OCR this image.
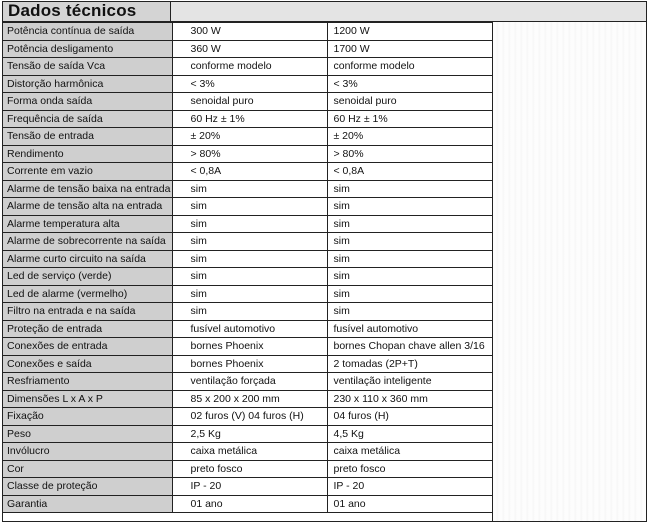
Dados técnicos
Potência contínua de saída	300 W	1200 W
Potência desligamento	360 W	1700 W
Tensão de saída Vca	conforme modelo	conforme modelo
Distorção harmônica	< 3%	< 3%
Forma onda saída	senoidal puro	senoidal puro
Frequência de saída	60 Hz ± 1%	60 Hz ± 1%
Tensão de entrada	± 20%	± 20%
Rendimento	> 80%	> 80%
Corrente em vazio	< 0,8A	< 0,8A
Alarme de tensão baixa na entrada	sim	sim
Alarme de tensão alta na entrada	sim	sim
Alarme temperatura alta	sim	sim
Alarme de sobrecorrente na saída	sim	sim
Alarme curto circuito na saída	sim	sim
Led de serviço (verde)	sim	sim
Led de alarme (vermelho)	sim	sim
Filtro na entrada e na saída	sim	sim
Proteção de entrada	fusível automotivo	fusível automotivo
Conexões de entrada	bornes Phoenix	bornes Chopan chave allen 3/16
Conexões e saída	bornes Phoenix	2 tomadas (2P+T)
Resfriamento	ventilação forçada	ventilação inteligente
Dimensões L x A x P	85 x 200 x 200 mm	230 x 110 x 360 mm
Fixação	02 furos (V) 04 furos (H)	04 furos (H)
Peso	2,5 Kg	4,5 Kg
Invólucro	caixa metálica	caixa metálica
Cor	preto fosco	preto fosco
Classe de proteção	IP - 20	IP - 20
Garantia	01 ano	01 ano
